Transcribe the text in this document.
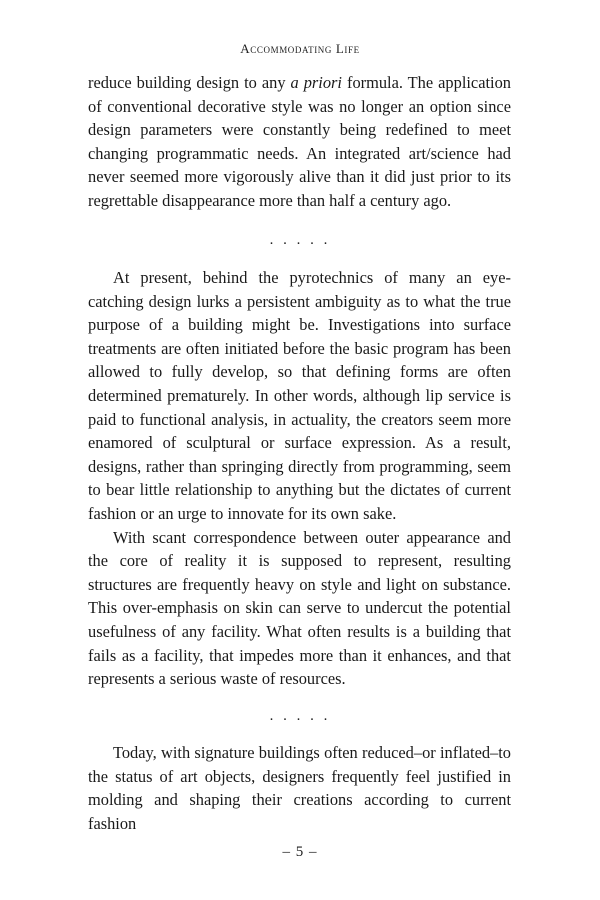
Accommodating Life

reduce building design to any a priori formula. The application of conventional decorative style was no longer an option since design parameters were constantly being redefined to meet changing programmatic needs. An integrated art/science had never seemed more vigorously alive than it did just prior to its regrettable disappearance more than half a century ago.

. . . . .

At present, behind the pyrotechnics of many an eye-catching design lurks a persistent ambiguity as to what the true purpose of a building might be. Investigations into surface treatments are often initiated before the basic program has been allowed to fully develop, so that defining forms are often determined prematurely. In other words, although lip service is paid to functional analysis, in actuality, the creators seem more enamored of sculptural or surface expression. As a result, designs, rather than springing directly from programming, seem to bear little relationship to anything but the dictates of current fashion or an urge to innovate for its own sake.

With scant correspondence between outer appearance and the core of reality it is supposed to represent, resulting structures are frequently heavy on style and light on substance. This over-emphasis on skin can serve to undercut the potential usefulness of any facility. What often results is a building that fails as a facility, that impedes more than it enhances, and that represents a serious waste of resources.

. . . . .

Today, with signature buildings often reduced–or inflated–to the status of art objects, designers frequently feel justified in molding and shaping their creations according to current fashion

– 5 –
